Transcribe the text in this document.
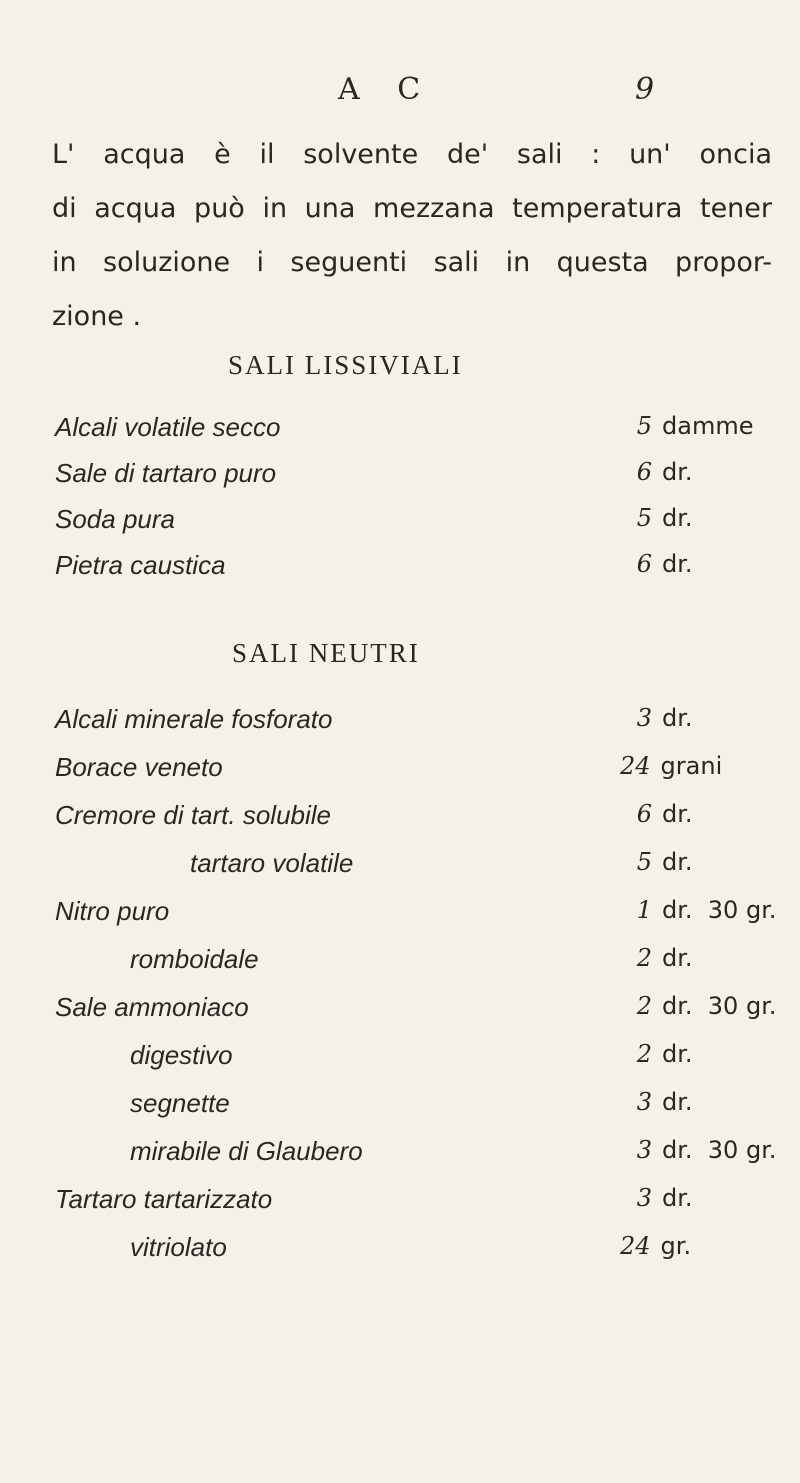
A C	9
L' acqua è il solvente de' sali : un' oncia
di acqua può in una mezzana temperatura tener
in soluzione i seguenti sali in questa propor-
zione .
SALI LISSIVIALI
Alcali volatile secco	5 damme
Sale di tartaro puro	6 dr.
Soda pura	5 dr.
Pietra caustica	6 dr.
SALI NEUTRI
Alcali minerale fosforato	3 dr.
Borace veneto	24 grani
Cremore di tart. solubile	6 dr.
tartaro volatile	5 dr.
Nitro puro	1 dr.  30 gr.
romboidale	2 dr.
Sale ammoniaco	2 dr.  30 gr.
digestivo	2 dr.
segnette	3 dr.
mirabile di Glaubero	3 dr.  30 gr.
Tartaro tartarizzato	3 dr.
vitriolato	24 gr.
